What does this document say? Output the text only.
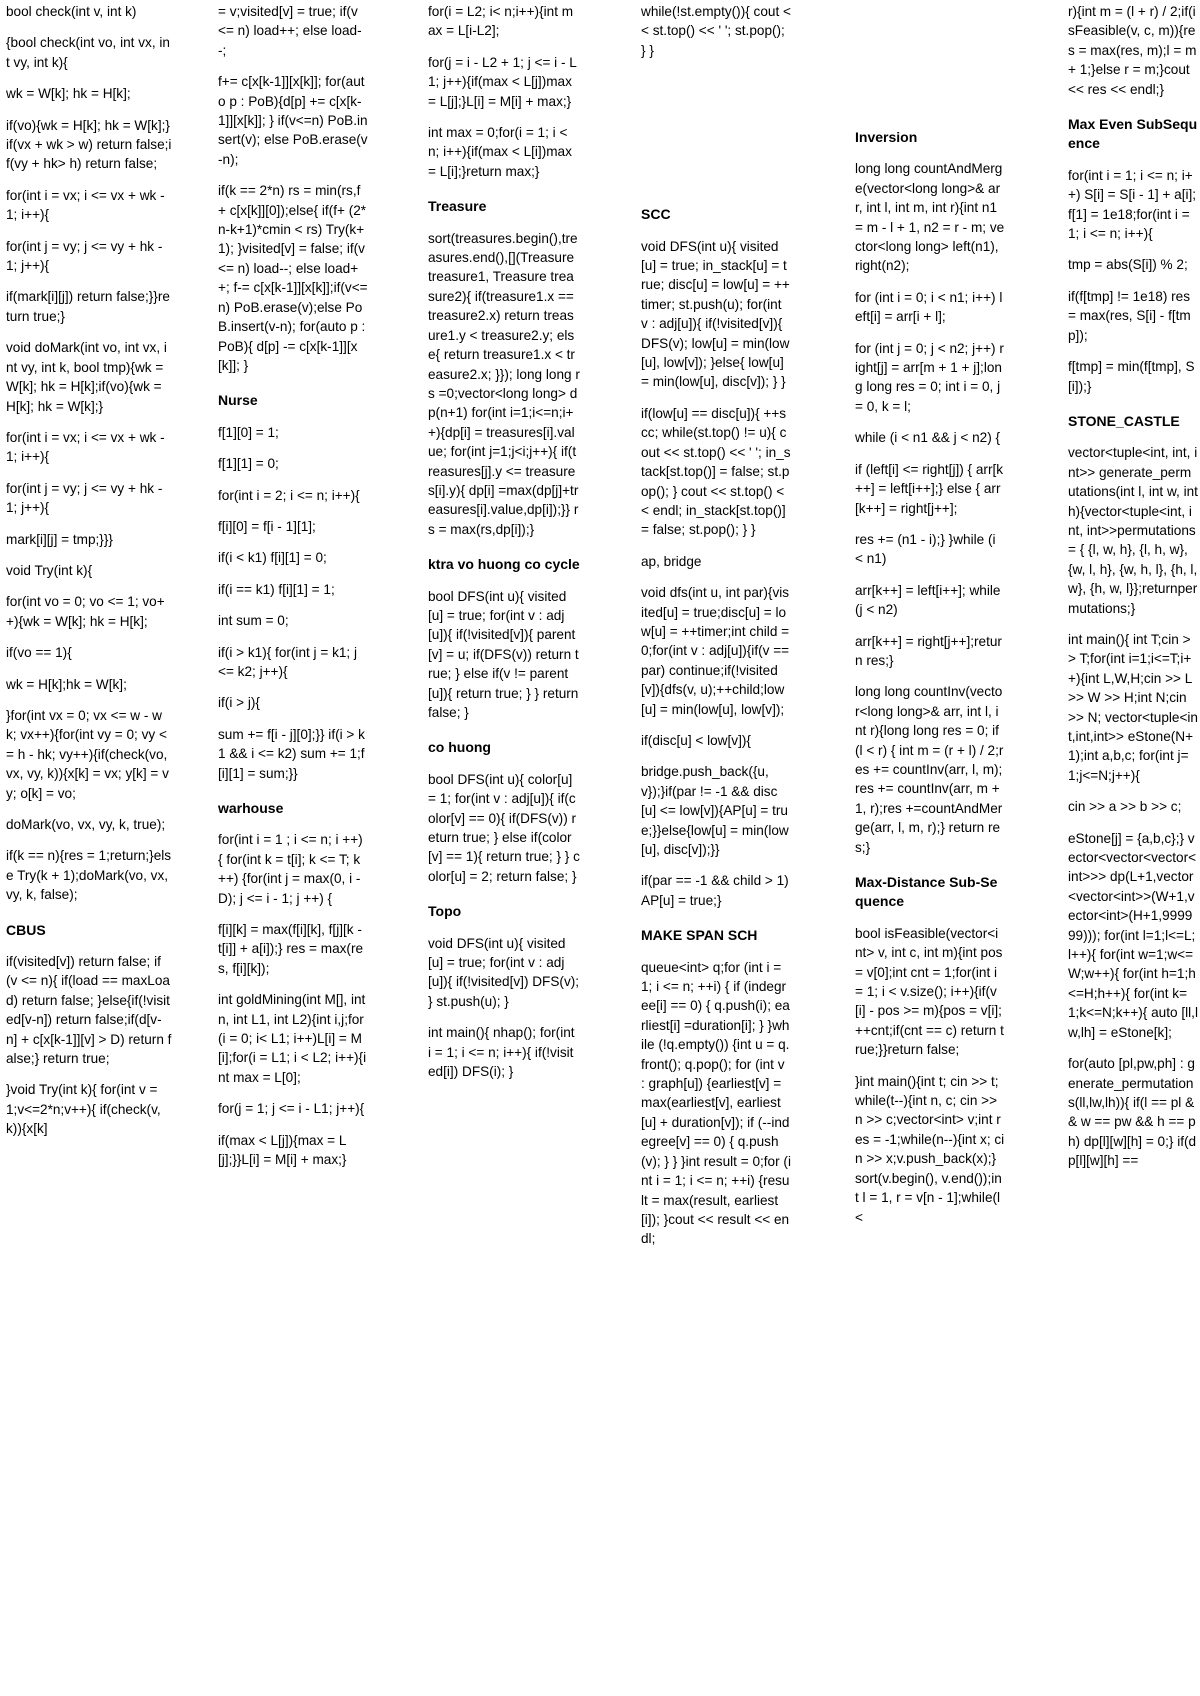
bool check(int v, int k)
{bool check(int vo, int vx, int vy, int k){
wk = W[k]; hk = H[k];
if(vo){wk = H[k]; hk = W[k];}if(vx + wk > w) return false;if(vy + hk> h) return false;
for(int i = vx; i <= vx + wk - 1; i++){
for(int j = vy; j <= vy + hk - 1; j++){
if(mark[i][j]) return false;}}return true;}
void doMark(int vo, int vx, int vy, int k, bool tmp){wk = W[k]; hk = H[k];if(vo){wk = H[k]; hk = W[k];}
for(int i = vx; i <= vx + wk - 1; i++){
for(int j = vy; j <= vy + hk - 1; j++){
mark[i][j] = tmp;}}}
void Try(int k){
for(int vo = 0; vo <= 1; vo++){wk = W[k]; hk = H[k];
if(vo == 1){
wk = H[k];hk = W[k];
}for(int vx = 0; vx <= w - wk; vx++){for(int vy = 0; vy <= h - hk; vy++){if(check(vo, vx, vy, k)){x[k] = vx; y[k] = vy; o[k] = vo;
doMark(vo, vx, vy, k, true);
if(k == n){res = 1;return;}else Try(k + 1);doMark(vo, vx, vy, k, false);
CBUS
if(visited[v]) return false; if(v <= n){ if(load == maxLoad) return false; }else{if(!visited[v-n]) return false;if(d[v-n] + c[x[k-1]][v] > D) return false;} return true;
}void Try(int k){ for(int v = 1;v<=2*n;v++){ if(check(v,k)){x[k]
= v;visited[v] = true; if(v <= n) load++; else load--;
f+= c[x[k-1]][x[k]]; for(auto p : PoB){d[p] += c[x[k-1]][x[k]]; } if(v<=n) PoB.insert(v); else PoB.erase(v-n);
if(k == 2*n) rs = min(rs,f + c[x[k]][0]);else{ if(f+ (2*n-k+1)*cmin < rs) Try(k+1); }visited[v] = false; if(v <= n) load--; else load++; f-= c[x[k-1]][x[k]];if(v<=n) PoB.erase(v);else PoB.insert(v-n); for(auto p : PoB){ d[p] -= c[x[k-1]][x[k]]; }
Nurse
f[1][0] = 1;
f[1][1] = 0;
for(int i = 2; i <= n; i++){
f[i][0] = f[i - 1][1];
if(i < k1) f[i][1] = 0;
if(i == k1) f[i][1] = 1;
int sum = 0;
if(i > k1){ for(int j = k1; j <= k2; j++){
if(i > j){
sum += f[i - j][0];}} if(i > k1 && i <= k2) sum += 1;f[i][1] = sum;}}
warhouse
for(int i = 1 ; i <= n; i ++) { for(int k = t[i]; k <= T; k++) {for(int j = max(0, i - D); j <= i - 1; j ++) {
f[i][k] = max(f[i][k], f[j][k - t[i]] + a[i]);} res = max(res, f[i][k]);
int goldMining(int M[], int n, int L1, int L2){int i,j;for(i = 0; i< L1; i++)L[i] = M[i];for(i = L1; i < L2; i++){int max = L[0];
for(j = 1; j <= i - L1; j++){
if(max < L[j]){max = L[j];}}L[i] = M[i] + max;}
for(i = L2; i< n;i++){int max = L[i-L2];
for(j = i - L2 + 1; j <= i - L1; j++){if(max < L[j])max = L[j];}L[i] = M[i] + max;}
int max = 0;for(i = 1; i < n; i++){if(max < L[i])max = L[i];}return max;}
Treasure
sort(treasures.begin(),treasures.end(),[](Treasure treasure1, Treasure treasure2){ if(treasure1.x == treasure2.x) return treasure1.y < treasure2.y; else{ return treasure1.x < treasure2.x; }}); long long rs =0;vector<long long> dp(n+1) for(int i=1;i<=n;i++){dp[i] = treasures[i].value; for(int j=1;j<i;j++){ if(treasures[j].y <= treasures[i].y){ dp[i] =max(dp[j]+treasures[i].value,dp[i]);}} rs = max(rs,dp[i]);}
ktra vo huong co cycle
bool DFS(int u){ visited[u] = true; for(int v : adj[u]){ if(!visited[v]){ parent[v] = u; if(DFS(v)) return true; } else if(v != parent[u]){ return true; } } return false; }
co huong
bool DFS(int u){ color[u] = 1; for(int v : adj[u]){ if(color[v] == 0){ if(DFS(v)) return true; } else if(color[v] == 1){ return true; } } color[u] = 2; return false; }
Topo
void DFS(int u){ visited[u] = true; for(int v : adj[u]){ if(!visited[v]) DFS(v); } st.push(u); }
int main(){ nhap(); for(int i = 1; i <= n; i++){ if(!visited[i]) DFS(i); }
while(!st.empty()){ cout << st.top() << ' '; st.pop(); } }
SCC
void DFS(int u){ visited[u] = true; in_stack[u] = true; disc[u] = low[u] = ++timer; st.push(u); for(int v : adj[u]){ if(!visited[v]){ DFS(v); low[u] = min(low[u], low[v]); }else{ low[u] = min(low[u], disc[v]); } }
if(low[u] == disc[u]){ ++scc; while(st.top() != u){ cout << st.top() << ' '; in_stack[st.top()] = false; st.pop(); } cout << st.top() << endl; in_stack[st.top()] = false; st.pop(); } }
ap, bridge
void dfs(int u, int par){visited[u] = true;disc[u] = low[u] = ++timer;int child = 0;for(int v : adj[u]){if(v == par) continue;if(!visited[v]){dfs(v, u);++child;low[u] = min(low[u], low[v]);
if(disc[u] < low[v]){
bridge.push_back({u, v});}if(par != -1 && disc[u] <= low[v]){AP[u] = true;}}else{low[u] = min(low[u], disc[v]);}}
if(par == -1 && child > 1) AP[u] = true;}
MAKE SPAN SCH
queue<int> q;for (int i = 1; i <= n; ++i) { if (indegree[i] == 0) { q.push(i); earliest[i] =duration[i]; } }while (!q.empty()) {int u = q.front(); q.pop(); for (int v : graph[u]) {earliest[v] = max(earliest[v], earliest[u] + duration[v]); if (--indegree[v] == 0) { q.push(v); } } }int result = 0;for (int i = 1; i <= n; ++i) {result = max(result, earliest[i]); }cout << result << endl;
Inversion
long long countAndMerge(vector<long long>& arr, int l, int m, int r){int n1 = m - l + 1, n2 = r - m; vector<long long> left(n1), right(n2);
for (int i = 0; i < n1; i++) left[i] = arr[i + l];
for (int j = 0; j < n2; j++) right[j] = arr[m + 1 + j];long long res = 0; int i = 0, j = 0, k = l;
while (i < n1 && j < n2) {
if (left[i] <= right[j]) { arr[k++] = left[i++];} else { arr[k++] = right[j++];
res += (n1 - i);} }while (i < n1)
arr[k++] = left[i++]; while (j < n2)
arr[k++] = right[j++];return res;}
long long countInv(vector<long long>& arr, int l, int r){long long res = 0; if (l < r) { int m = (r + l) / 2;res += countInv(arr, l, m);res += countInv(arr, m + 1, r);res +=countAndMerge(arr, l, m, r);} return res;}
Max-Distance Sub-Sequence
bool isFeasible(vector<int> v, int c, int m){int pos = v[0];int cnt = 1;for(int i = 1; i < v.size(); i++){if(v[i] - pos >= m){pos = v[i];++cnt;if(cnt == c) return true;}}return false;
}int main(){int t; cin >> t;while(t--){int n, c; cin >> n >> c;vector<int> v;int res = -1;while(n--){int x; cin >> x;v.push_back(x);} sort(v.begin(), v.end());int l = 1, r = v[n - 1];while(l <
r){int m = (l + r) / 2;if(isFeasible(v, c, m)){res = max(res, m);l = m + 1;}else r = m;}cout << res << endl;}
Max Even SubSequence
for(int i = 1; i <= n; i++) S[i] = S[i - 1] + a[i];f[1] = 1e18;for(int i = 1; i <= n; i++){
tmp = abs(S[i]) % 2;
if(f[tmp] != 1e18) res = max(res, S[i] - f[tmp]);
f[tmp] = min(f[tmp], S[i]);}
STONE_CASTLE
vector<tuple<int, int, int>> generate_permutations(int l, int w, int h){vector<tuple<int, int, int>>permutations = { {l, w, h}, {l, h, w}, {w, l, h}, {w, h, l}, {h, l, w}, {h, w, l}};returnpermutations;}
int main(){ int T;cin >> T;for(int i=1;i<=T;i++){int L,W,H;cin >> L >> W >> H;int N;cin >> N; vector<tuple<int,int,int>> eStone(N+1);int a,b,c; for(int j=1;j<=N;j++){
cin >> a >> b >> c;
eStone[j] = {a,b,c};} vector<vector<vector<int>>> dp(L+1,vector<vector<int>>(W+1,vector<int>(H+1,999999))); for(int l=1;l<=L;l++){ for(int w=1;w<=W;w++){ for(int h=1;h<=H;h++){ for(int k=1;k<=N;k++){ auto [ll,lw,lh] = eStone[k];
for(auto [pl,pw,ph] : generate_permutations(ll,lw,lh)){ if(l == pl && w == pw && h == ph) dp[l][w][h] = 0;} if(dp[l][w][h] ==
